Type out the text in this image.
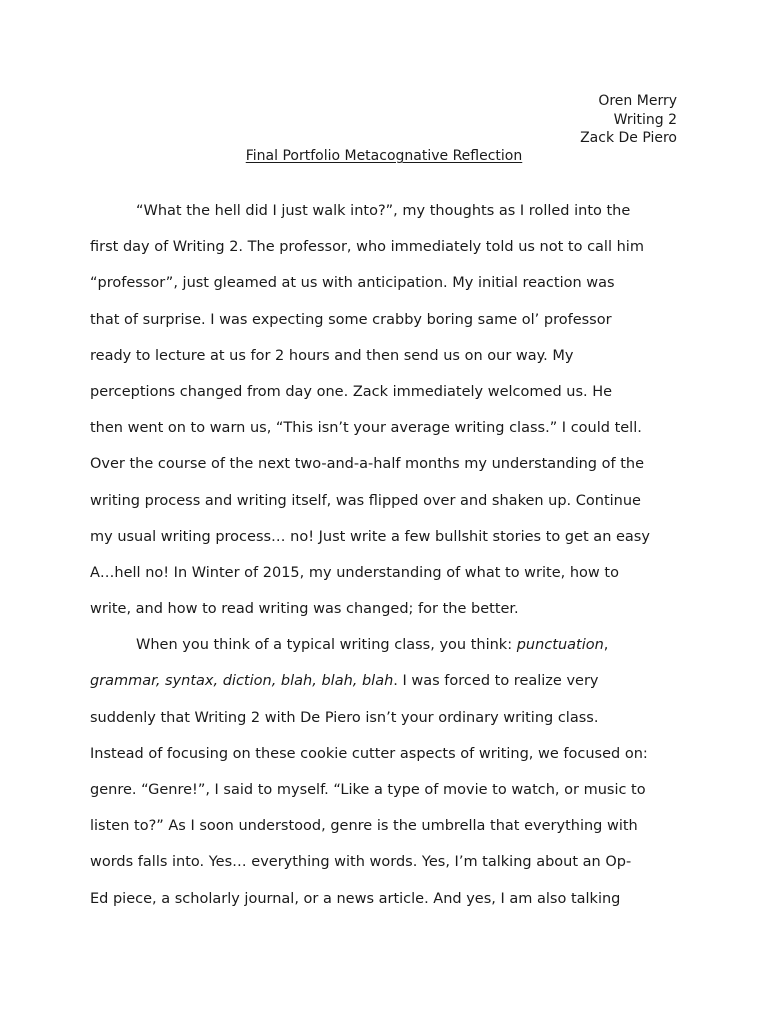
Oren Merry
Writing 2
Zack De Piero
Final Portfolio Metacognative Reflection
“What the hell did I just walk into?”, my thoughts as I rolled into the
first day of Writing 2. The professor, who immediately told us not to call him
“professor”, just gleamed at us with anticipation. My initial reaction was
that of surprise. I was expecting some crabby boring same ol’ professor
ready to lecture at us for 2 hours and then send us on our way. My
perceptions changed from day one. Zack immediately welcomed us. He
then went on to warn us, “This isn’t your average writing class.” I could tell.
Over the course of the next two-and-a-half months my understanding of the
writing process and writing itself, was flipped over and shaken up. Continue
my usual writing process… no! Just write a few bullshit stories to get an easy
A…hell no! In Winter of 2015, my understanding of what to write, how to
write, and how to read writing was changed; for the better.
When you think of a typical writing class, you think: punctuation,
grammar, syntax, diction, blah, blah, blah. I was forced to realize very
suddenly that Writing 2 with De Piero isn’t your ordinary writing class.
Instead of focusing on these cookie cutter aspects of writing, we focused on:
genre. “Genre!”, I said to myself. “Like a type of movie to watch, or music to
listen to?” As I soon understood, genre is the umbrella that everything with
words falls into. Yes… everything with words. Yes, I’m talking about an Op-
Ed piece, a scholarly journal, or a news article. And yes, I am also talking
